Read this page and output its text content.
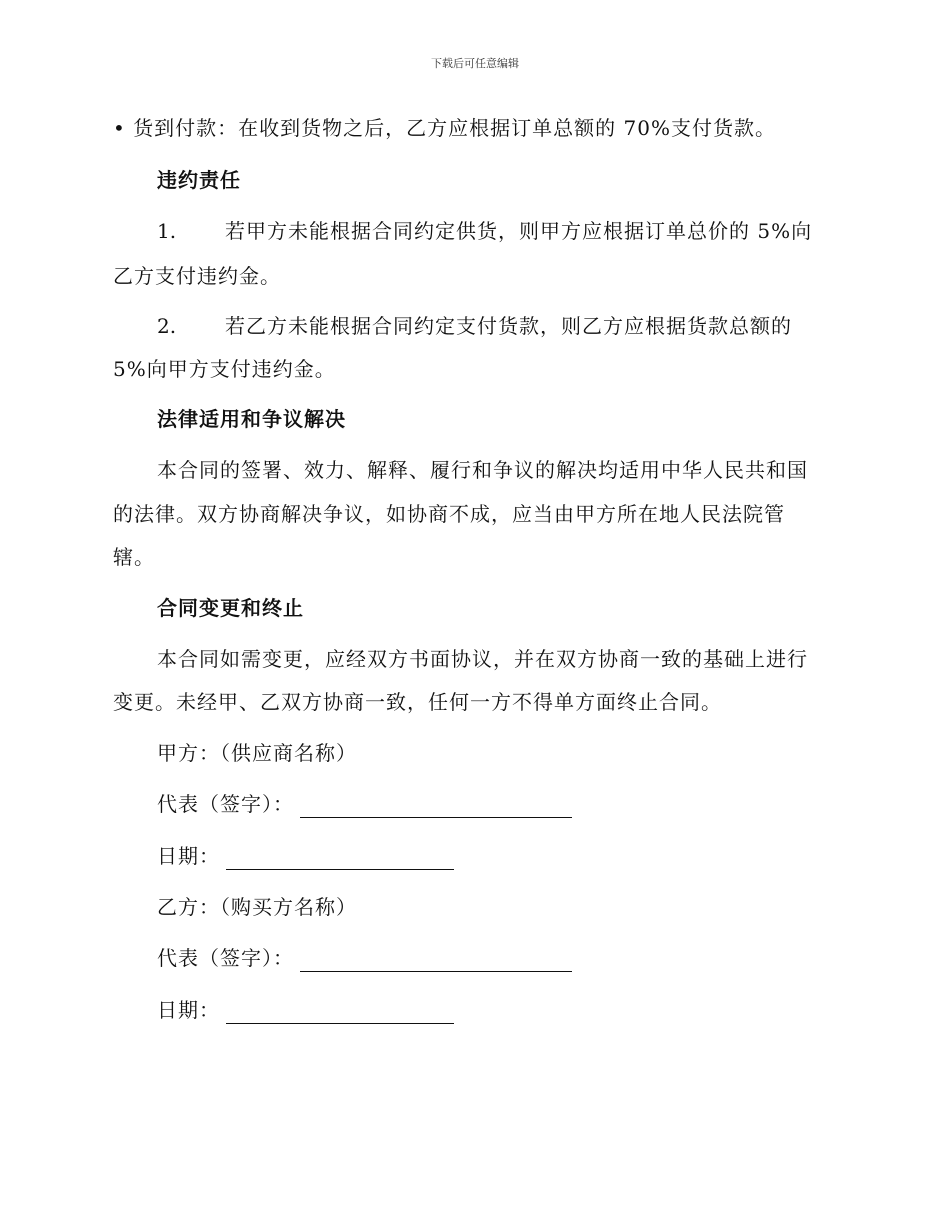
下载后可任意编辑
• 货到付款：在收到货物之后，乙方应根据订单总额的 70%支付货款。
违约责任
1. 若甲方未能根据合同约定供货，则甲方应根据订单总价的 5%向
乙方支付违约金。
2. 若乙方未能根据合同约定支付货款，则乙方应根据货款总额的
5%向甲方支付违约金。
法律适用和争议解决
本合同的签署、效力、解释、履行和争议的解决均适用中华人民共和国
的法律。双方协商解决争议，如协商不成，应当由甲方所在地人民法院管
辖。
合同变更和终止
本合同如需变更，应经双方书面协议，并在双方协商一致的基础上进行
变更。未经甲、乙双方协商一致，任何一方不得单方面终止合同。
甲方：（供应商名称）
代表（签字）：
日期：
乙方：（购买方名称）
代表（签字）：
日期：
